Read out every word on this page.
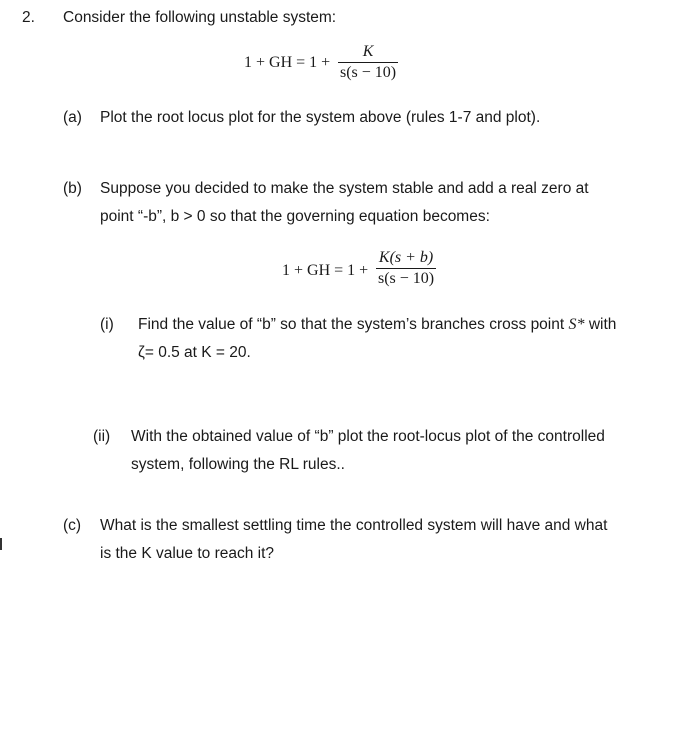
2. Consider the following unstable system:
1 + GH = $1 + \frac{K}{s(s - 10)}$
(a) Plot the root locus plot for the system above (rules 1-7 and plot).
(b) Suppose you decided to make the system stable and add a real zero at
point “-b”, b > 0 so that the governing equation becomes:
1 + GH = $1 + \frac{K(s + b)}{s(s - 10)}$
(i) Find the value of “b” so that the system’s branches cross point S* with
ζ= 0.5 at K = 20.
(ii) With the obtained value of “b” plot the root-locus plot of the controlled
system, following the RL rules..
(c) What is the smallest settling time the controlled system will have and what
is the K value to reach it?
